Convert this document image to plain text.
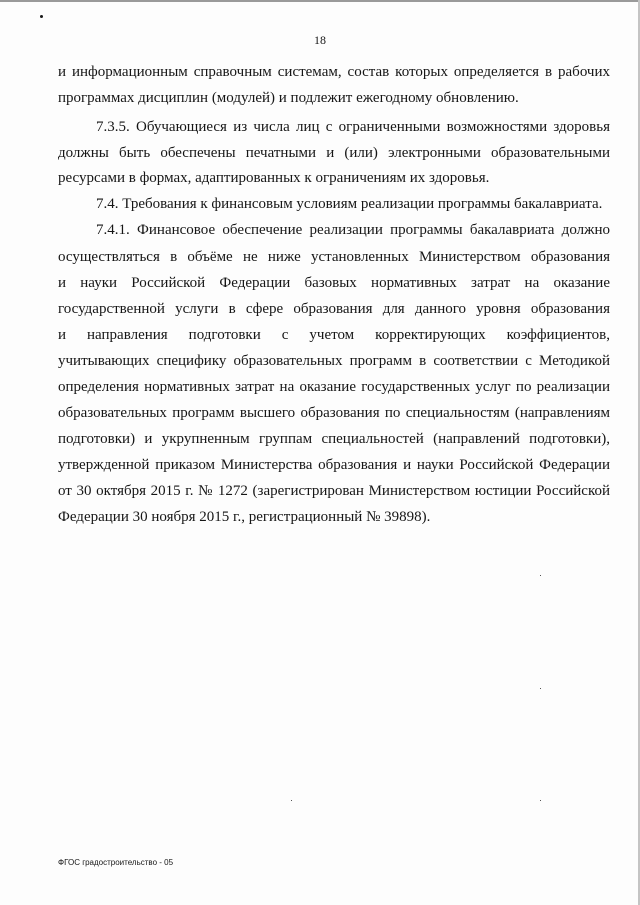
18
и информационным справочным системам, состав которых определяется в рабочих
программах дисциплин (модулей) и подлежит ежегодному обновлению.
7.3.5. Обучающиеся из числа лиц с ограниченными возможностями здоровья
должны быть обеспечены печатными и (или) электронными образовательными
ресурсами в формах, адаптированных к ограничениям их здоровья.
7.4. Требования к финансовым условиям реализации программы бакалавриата.
7.4.1. Финансовое обеспечение реализации программы бакалавриата должно
осуществляться в объёме не ниже установленных Министерством образования
и науки Российской Федерации базовых нормативных затрат на оказание
государственной услуги в сфере образования для данного уровня образования
и направления подготовки с учетом корректирующих коэффициентов,
учитывающих специфику образовательных программ в соответствии с Методикой
определения нормативных затрат на оказание государственных услуг по реализации
образовательных программ высшего образования по специальностям (направлениям
подготовки) и укрупненным группам специальностей (направлений подготовки),
утвержденной приказом Министерства образования и науки Российской Федерации
от 30 октября 2015 г. № 1272 (зарегистрирован Министерством юстиции Российской
Федерации 30 ноября 2015 г., регистрационный № 39898).
ФГОС градостроительство - 05
